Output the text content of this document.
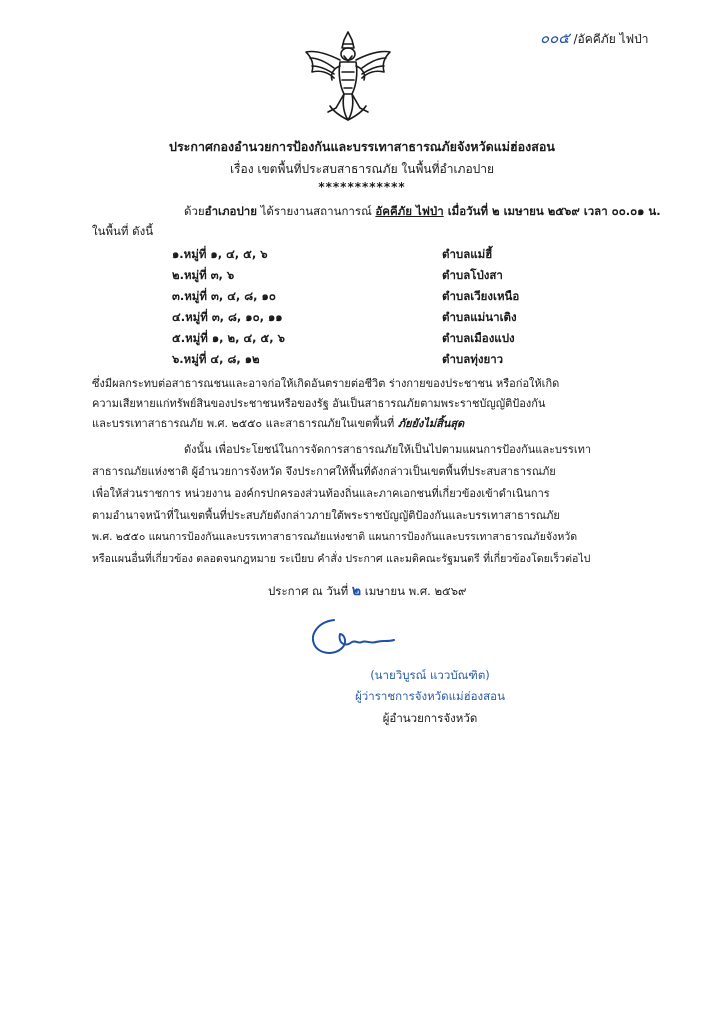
๐๐๕ /อัคคีภัย ไฟป่า
ประกาศกองอำนวยการป้องกันและบรรเทาสาธารณภัยจังหวัดแม่ฮ่องสอน
เรื่อง เขตพื้นที่ประสบสาธารณภัย ในพื้นที่อำเภอปาย
************
ด้วยอำเภอปาย ได้รายงานสถานการณ์ อัคคีภัย ไฟป่า เมื่อวันที่ ๒ เมษายน ๒๕๖๙ เวลา ๐๐.๐๑ น.
ในพื้นที่ ดังนี้
๑.หมู่ที่ ๑, ๔, ๕, ๖	ตำบลแม่ฮี้
๒.หมู่ที่ ๓, ๖	ตำบลโป่งสา
๓.หมู่ที่ ๓, ๔, ๘, ๑๐	ตำบลเวียงเหนือ
๔.หมู่ที่ ๓, ๘, ๑๐, ๑๑	ตำบลแม่นาเติง
๕.หมู่ที่ ๑, ๒, ๔, ๕, ๖	ตำบลเมืองแปง
๖.หมู่ที่ ๔, ๘, ๑๒	ตำบลทุ่งยาว
ซึ่งมีผลกระทบต่อสาธารณชนและอาจก่อให้เกิดอันตรายต่อชีวิต ร่างกายของประชาชน หรือก่อให้เกิด
ความเสียหายแก่ทรัพย์สินของประชาชนหรือของรัฐ อันเป็นสาธารณภัยตามพระราชบัญญัติป้องกัน
และบรรเทาสาธารณภัย พ.ศ. ๒๕๕๐ และสาธารณภัยในเขตพื้นที่ ภัยยังไม่สิ้นสุด
ดังนั้น เพื่อประโยชน์ในการจัดการสาธารณภัยให้เป็นไปตามแผนการป้องกันและบรรเทา
สาธารณภัยแห่งชาติ ผู้อำนวยการจังหวัด จึงประกาศให้พื้นที่ดังกล่าวเป็นเขตพื้นที่ประสบสาธารณภัย
เพื่อให้ส่วนราชการ หน่วยงาน องค์กรปกครองส่วนท้องถิ่นและภาคเอกชนที่เกี่ยวข้องเข้าดำเนินการ
ตามอำนาจหน้าที่ในเขตพื้นที่ประสบภัยดังกล่าวภายใต้พระราชบัญญัติป้องกันและบรรเทาสาธารณภัย
พ.ศ. ๒๕๕๐ แผนการป้องกันและบรรเทาสาธารณภัยแห่งชาติ แผนการป้องกันและบรรเทาสาธารณภัยจังหวัด
หรือแผนอื่นที่เกี่ยวข้อง ตลอดจนกฎหมาย ระเบียบ คำสั่ง ประกาศ และมติคณะรัฐมนตรี ที่เกี่ยวข้องโดยเร็วต่อไป
ประกาศ ณ วันที่ ๒ เมษายน พ.ศ. ๒๕๖๙
(นายวิบูรณ์ แววบัณฑิต)
ผู้ว่าราชการจังหวัดแม่ฮ่องสอน
ผู้อำนวยการจังหวัด
